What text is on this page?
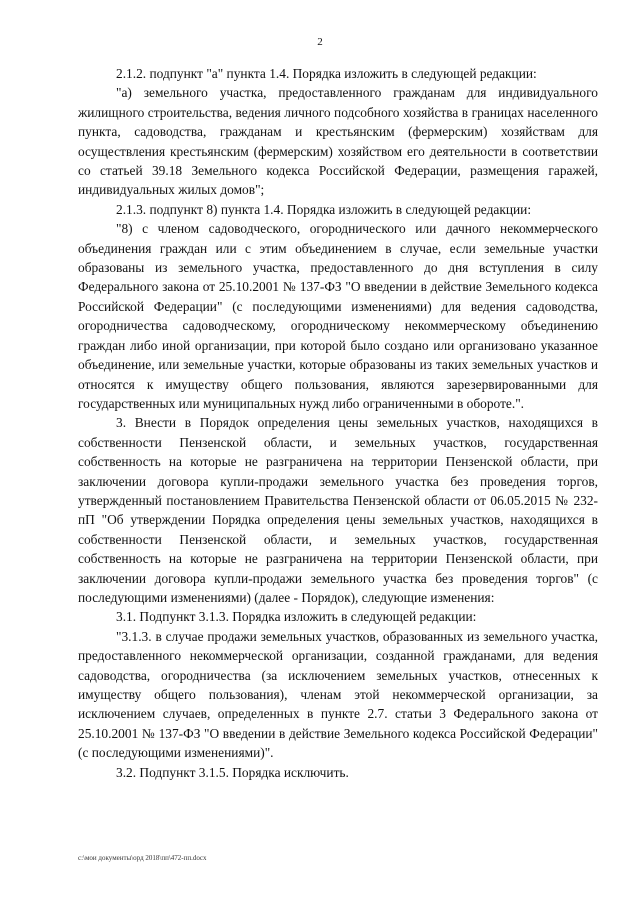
2

2.1.2. подпункт "а" пункта 1.4. Порядка изложить в следующей редакции:

"а) земельного участка, предоставленного гражданам для индивидуального жилищного строительства, ведения личного подсобного хозяйства в границах населенного пункта, садоводства, гражданам и крестьянским (фермерским) хозяйствам для осуществления крестьянским (фермерским) хозяйством его деятельности в соответствии со статьей 39.18 Земельного кодекса Российской Федерации, размещения гаражей, индивидуальных жилых домов";

2.1.3. подпункт 8) пункта 1.4. Порядка изложить в следующей редакции:

"8) с членом садоводческого, огороднического или дачного некоммерческого объединения граждан или с этим объединением в случае, если земельные участки образованы из земельного участка, предоставленного до дня вступления в силу Федерального закона от 25.10.2001 № 137-ФЗ "О введении в действие Земельного кодекса Российской Федерации" (с последующими изменениями) для ведения садоводства, огородничества садоводческому, огородническому некоммерческому объединению граждан либо иной организации, при которой было создано или организовано указанное объединение, или земельные участки, которые образованы из таких земельных участков и относятся к имуществу общего пользования, являются зарезервированными для государственных или муниципальных нужд либо ограниченными в обороте.".

3. Внести в Порядок определения цены земельных участков, находящихся в собственности Пензенской области, и земельных участков, государственная собственность на которые не разграничена на территории Пензенской области, при заключении договора купли-продажи земельного участка без проведения торгов, утвержденный постановлением Правительства Пензенской области от 06.05.2015 № 232-пП "Об утверждении Порядка определения цены земельных участков, находящихся в собственности Пензенской области, и земельных участков, государственная собственность на которые не разграничена на территории Пензенской области, при заключении договора купли-продажи земельного участка без проведения торгов" (с последующими изменениями) (далее - Порядок), следующие изменения:

3.1. Подпункт 3.1.3. Порядка изложить в следующей редакции:

"3.1.3. в случае продажи земельных участков, образованных из земельного участка, предоставленного некоммерческой организации, созданной гражданами, для ведения садоводства, огородничества (за исключением земельных участков, отнесенных к имуществу общего пользования), членам этой некоммерческой организации, за исключением случаев, определенных в пункте 2.7. статьи 3 Федерального закона от 25.10.2001 № 137-ФЗ "О введении в действие Земельного кодекса Российской Федерации" (с последующими изменениями)".

3.2. Подпункт 3.1.5. Порядка исключить.

c:\мои документы\орд 2018\пп\472-пп.docx
